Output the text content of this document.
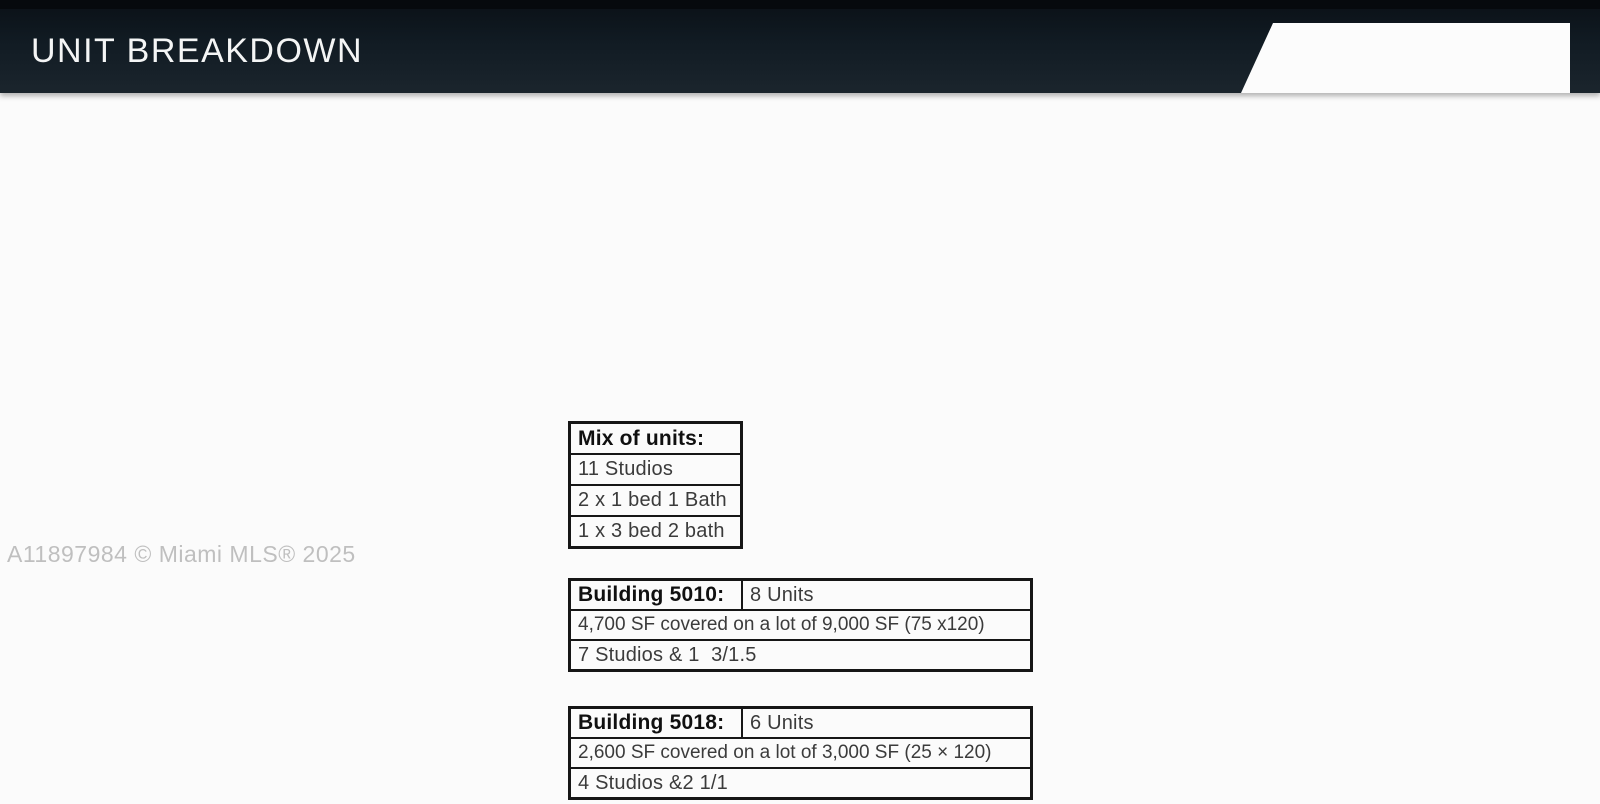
UNIT BREAKDOWN
A11897984 © Miami MLS® 2025
Mix of units:
11 Studios
2 x 1 bed 1 Bath
1 x 3 bed 2 bath
Building 5010:	8 Units
4,700 SF covered on a lot of 9,000 SF (75 x120)
7 Studios & 1  3/1.5
Building 5018:	6 Units
2,600 SF covered on a lot of 3,000 SF (25 × 120)
4 Studios &2 1/1
